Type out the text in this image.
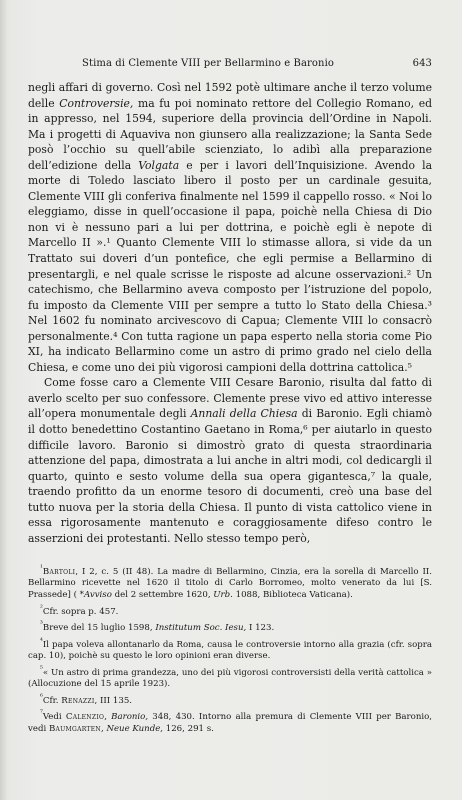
Stima di Clemente VIII per Bellarmino e Baronio	643

negli affari di governo. Così nel 1592 potè ultimare anche il terzo volume delle Controversie, ma fu poi nominato rettore del Collegio Romano, ed in appresso, nel 1594, superiore della provincia dell’Ordine in Napoli. Ma i progetti di Aquaviva non giunsero alla realizzazione; la Santa Sede posò l’occhio su quell’abile scienziato, lo adibì alla preparazione dell’edizione della Volgata e per i lavori dell’Inquisizione. Avendo la morte di Toledo lasciato libero il posto per un cardinale gesuita, Clemente VIII gli conferiva finalmente nel 1599 il cappello rosso. « Noi lo eleggiamo, disse in quell’occasione il papa, poichè nella Chiesa di Dio non vi è nessuno pari a lui per dottrina, e poichè egli è nepote di Marcello II ».¹ Quanto Clemente VIII lo stimasse allora, si vide da un Trattato sui doveri d’un pontefice, che egli permise a Bellarmino di presentargli, e nel quale scrisse le risposte ad alcune osservazioni.² Un catechismo, che Bellarmino aveva composto per l’istruzione del popolo, fu imposto da Clemente VIII per sempre a tutto lo Stato della Chiesa.³ Nel 1602 fu nominato arcivescovo di Capua; Clemente VIII lo consacrò personalmente.⁴ Con tutta ragione un papa esperto nella storia come Pio XI, ha indicato Bellarmino come un astro di primo grado nel cielo della Chiesa, e come uno dei più vigorosi campioni della dottrina cattolica.⁵

Come fosse caro a Clemente VIII Cesare Baronio, risulta dal fatto di averlo scelto per suo confessore. Clemente prese vivo ed attivo interesse all’opera monumentale degli Annali della Chiesa di Baronio. Egli chiamò il dotto benedettino Costantino Gaetano in Roma,⁶ per aiutarlo in questo difficile lavoro. Baronio si dimostrò grato di questa straordinaria attenzione del papa, dimostrata a lui anche in altri modi, col dedicargli il quarto, quinto e sesto volume della sua opera gigantesca,⁷ la quale, traendo profitto da un enorme tesoro di documenti, creò una base del tutto nuova per la storia della Chiesa. Il punto di vista cattolico viene in essa rigorosamente mantenuto e coraggiosamente difeso contro le asserzioni dei protestanti. Nello stesso tempo però,

$^{^1}$Bartoli, I 2, c. 5 (II 48). La madre di Bellarmino, Cinzia, era la sorella di Marcello II. Bellarmino ricevette nel 1620 il titolo di Carlo Borromeo, molto venerato da lui [S. Prassede] ( *Avviso del 2 settembre 1620, Urb. 1088, Biblioteca Vaticana).

$^{^2}$Cfr. sopra p. 457.

$^{^3}$Breve del 15 luglio 1598, Institutum Soc. Iesu, I 123.

$^{^4}$Il papa voleva allontanarlo da Roma, causa le controversie intorno alla grazia (cfr. sopra cap. 10), poichè su questo le loro opinioni eran diverse.

$^{^5}$« Un astro di prima grandezza, uno dei più vigorosi controversisti della verità cattolica » (Allocuzione del 15 aprile 1923).

$^{^6}$Cfr. Renazzi, III 135.

$^{^7}$Vedi Calenzio, Baronio, 348, 430. Intorno alla premura di Clemente VIII per Baronio, vedi Baumgarten, Neue Kunde, 126, 291 s.
